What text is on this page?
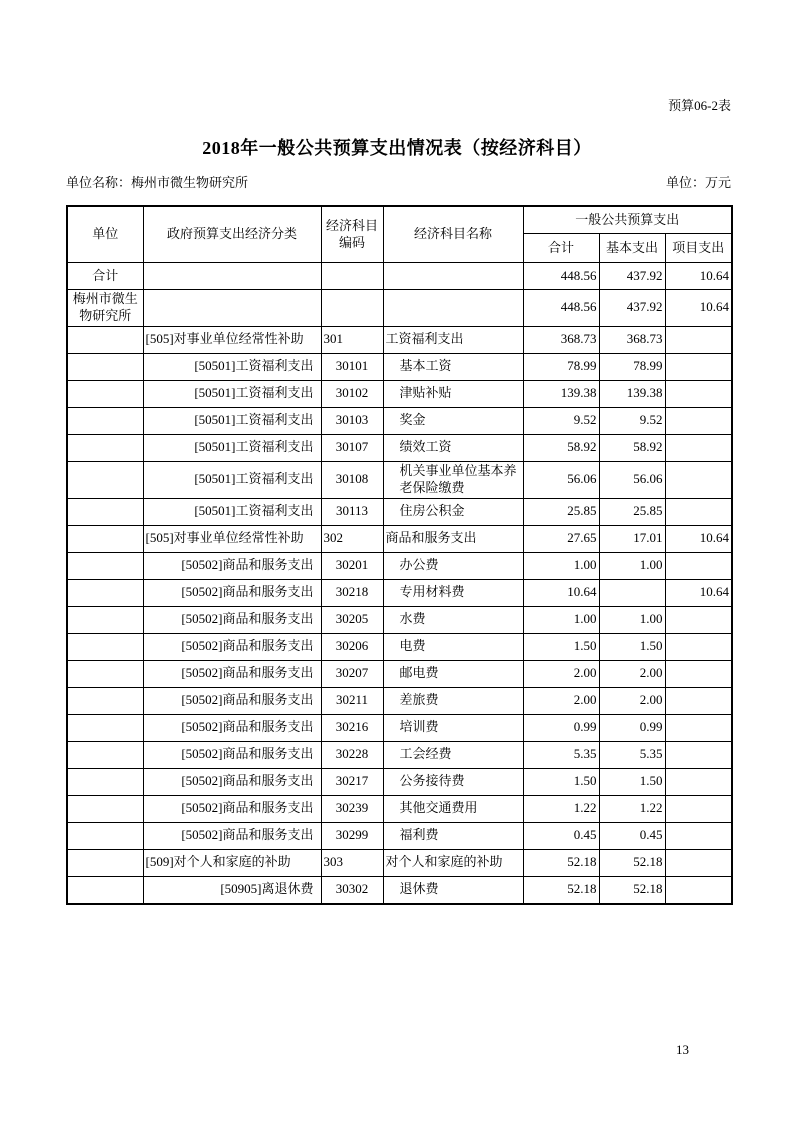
预算06-2表
2018年一般公共预算支出情况表（按经济科目）
单位名称：梅州市微生物研究所	单位：万元
单位	政府预算支出经济分类	经济科目编码	经济科目名称	一般公共预算支出		
				合计	基本支出	项目支出
合计				448.56	437.92	10.64
梅州市微生物研究所				448.56	437.92	10.64
	[505]对事业单位经常性补助	301	工资福利支出	368.73	368.73	
	[50501]工资福利支出	30101	基本工资	78.99	78.99	
	[50501]工资福利支出	30102	津贴补贴	139.38	139.38	
	[50501]工资福利支出	30103	奖金	9.52	9.52	
	[50501]工资福利支出	30107	绩效工资	58.92	58.92	
	[50501]工资福利支出	30108	机关事业单位基本养老保险缴费	56.06	56.06	
	[50501]工资福利支出	30113	住房公积金	25.85	25.85	
	[505]对事业单位经常性补助	302	商品和服务支出	27.65	17.01	10.64
	[50502]商品和服务支出	30201	办公费	1.00	1.00	
	[50502]商品和服务支出	30218	专用材料费	10.64		10.64
	[50502]商品和服务支出	30205	水费	1.00	1.00	
	[50502]商品和服务支出	30206	电费	1.50	1.50	
	[50502]商品和服务支出	30207	邮电费	2.00	2.00	
	[50502]商品和服务支出	30211	差旅费	2.00	2.00	
	[50502]商品和服务支出	30216	培训费	0.99	0.99	
	[50502]商品和服务支出	30228	工会经费	5.35	5.35	
	[50502]商品和服务支出	30217	公务接待费	1.50	1.50	
	[50502]商品和服务支出	30239	其他交通费用	1.22	1.22	
	[50502]商品和服务支出	30299	福利费	0.45	0.45	
	[509]对个人和家庭的补助	303	对个人和家庭的补助	52.18	52.18	
	[50905]离退休费	30302	退休费	52.18	52.18	
13
